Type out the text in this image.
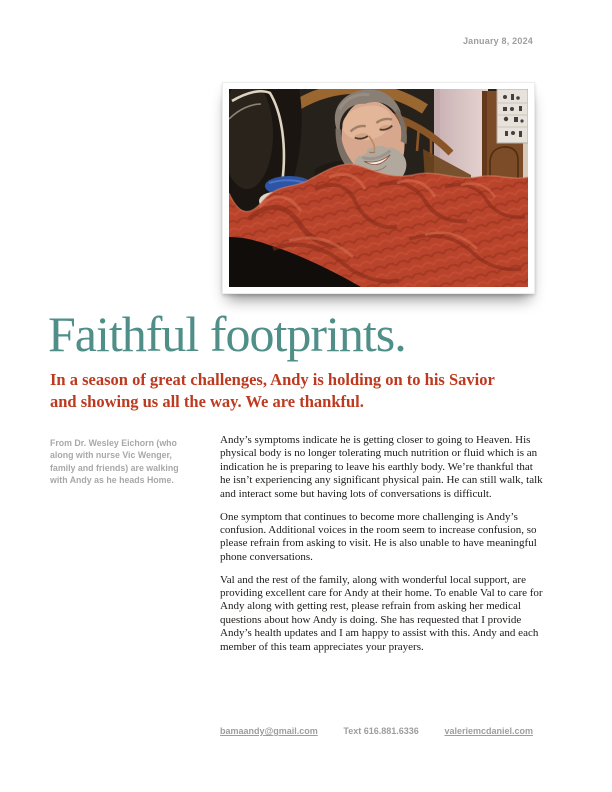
January 8, 2024
Faithful footprints.
In a season of great challenges, Andy is holding on to his Savior
and showing us all the way. We are thankful.
From Dr. Wesley Eichorn (who
along with nurse Vic Wenger,
family and friends) are walking
with Andy as he heads Home.

Andy’s symptoms indicate he is getting closer to going to Heaven. His physical body is no longer tolerating much nutrition or fluid which is an indication he is preparing to leave his earthly body. We’re thankful that he isn’t experiencing any significant physical pain. He can still walk, talk and interact some but having lots of conversations is difficult.

One symptom that continues to become more challenging is Andy’s confusion. Additional voices in the room seem to increase confusion, so please refrain from asking to visit. He is also unable to have meaningful phone conversations.

Val and the rest of the family, along with wonderful local support, are providing excellent care for Andy at their home. To enable Val to care for Andy along with getting rest, please refrain from asking her medical questions about how Andy is doing. She has requested that I provide Andy’s health updates and I am happy to assist with this. Andy and each member of this team appreciates your prayers.

bamaandy@gmail.com	Text 616.881.6336	valeriemcdaniel.com
